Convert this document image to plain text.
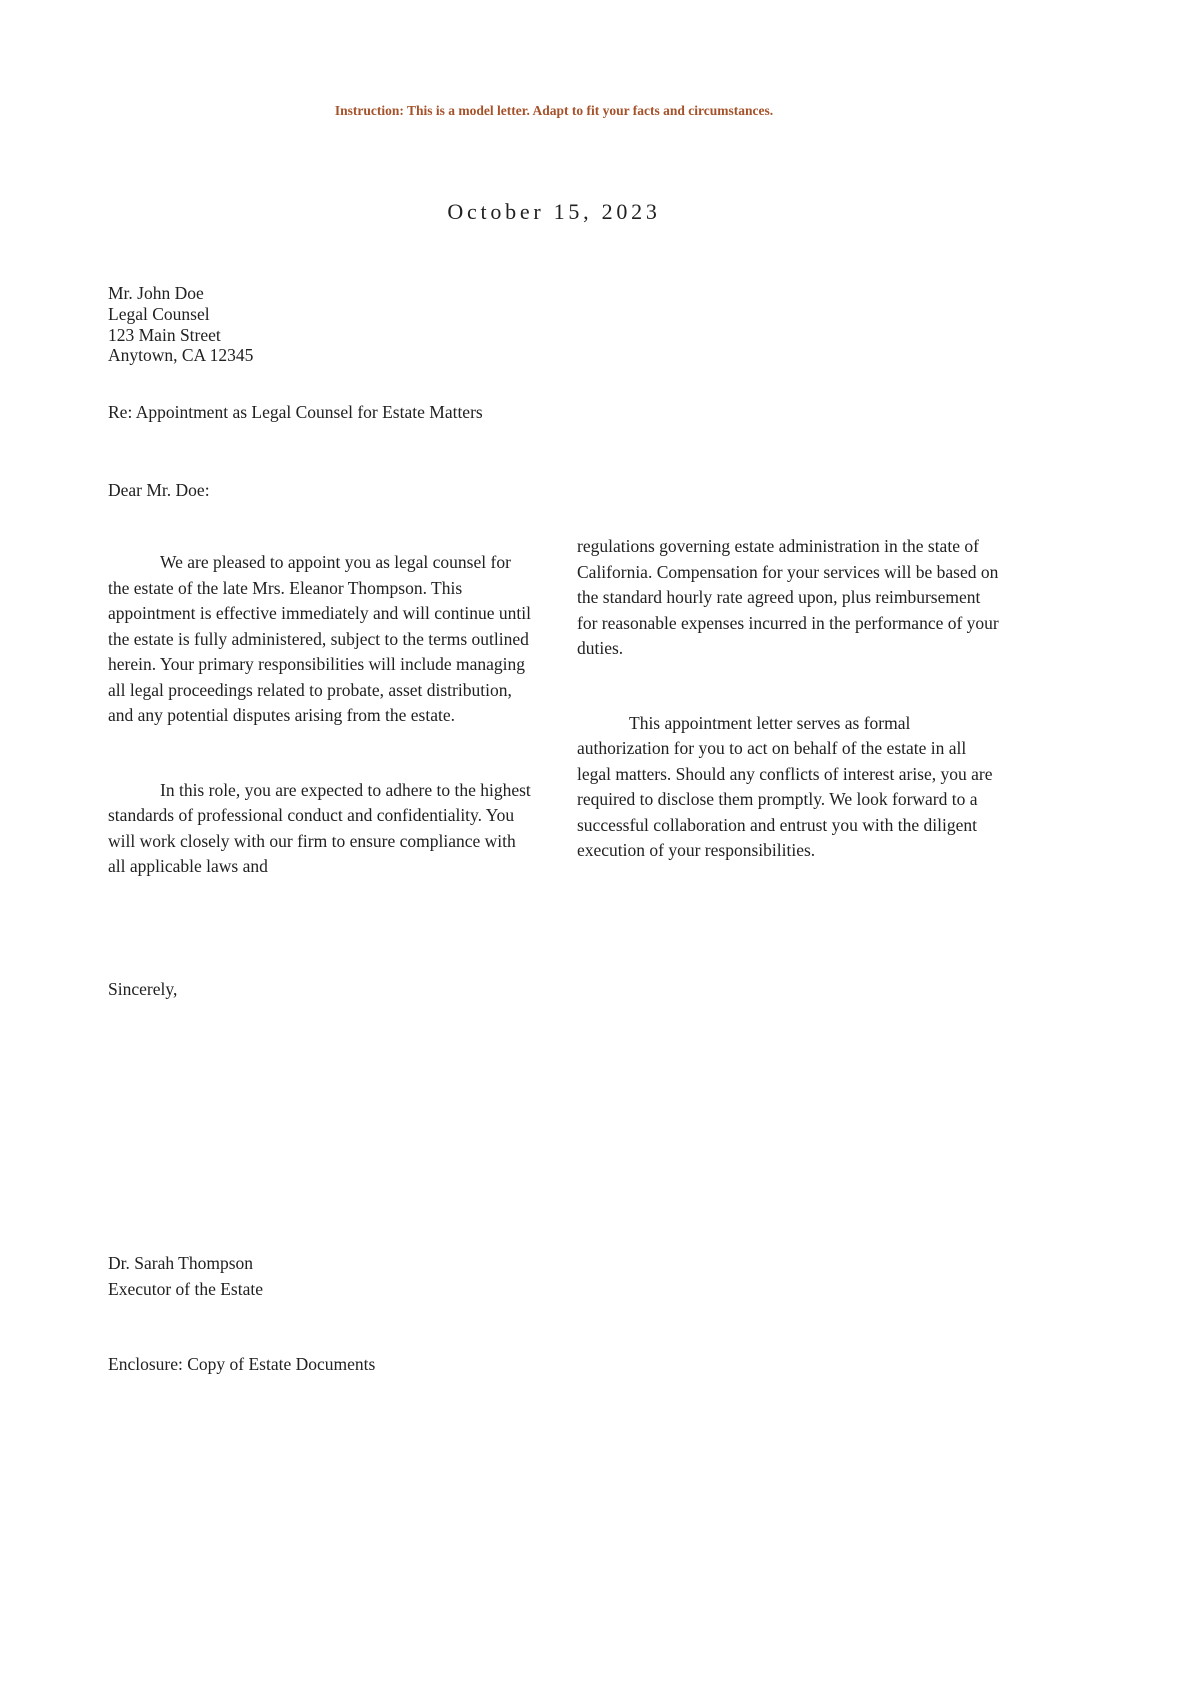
Instruction: This is a model letter. Adapt to fit your facts and circumstances.
October 15, 2023
Mr. John Doe
Legal Counsel
123 Main Street
Anytown, CA 12345
Re: Appointment as Legal Counsel for Estate Matters
Dear Mr. Doe:

We are pleased to appoint you as legal counsel for the estate of the late Mrs. Eleanor Thompson. This appointment is effective immediately and will continue until the estate is fully administered, subject to the terms outlined herein. Your primary responsibilities will include managing all legal proceedings related to probate, asset distribution, and any potential disputes arising from the estate.

In this role, you are expected to adhere to the highest standards of professional conduct and confidentiality. You will work closely with our firm to ensure compliance with all applicable laws and

regulations governing estate administration in the state of California. Compensation for your services will be based on the standard hourly rate agreed upon, plus reimbursement for reasonable expenses incurred in the performance of your duties.

This appointment letter serves as formal authorization for you to act on behalf of the estate in all legal matters. Should any conflicts of interest arise, you are required to disclose them promptly. We look forward to a successful collaboration and entrust you with the diligent execution of your responsibilities.

Sincerely,
Dr. Sarah Thompson
Executor of the Estate
Enclosure: Copy of Estate Documents
